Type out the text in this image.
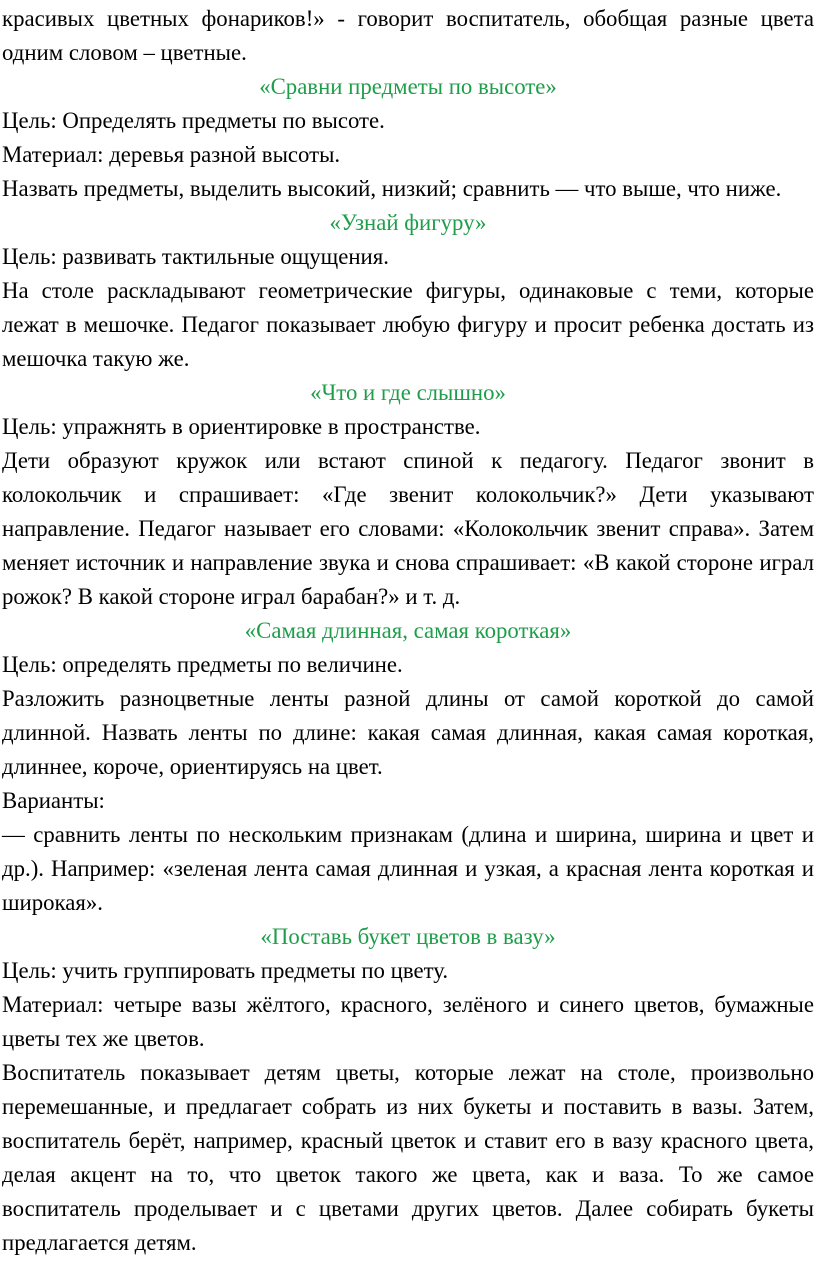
красивых цветных фонариков!» - говорит воспитатель, обобщая разные цвета одним словом – цветные.

«Сравни предметы по высоте»

Цель: Определять предметы по высоте.

Материал: деревья разной высоты.

Назвать предметы, выделить высокий, низкий; сравнить — что выше, что ниже.

«Узнай фигуру»

Цель: развивать тактильные ощущения.

На столе раскладывают геометрические фигуры, одинаковые с теми, которые лежат в мешочке. Педагог показывает любую фигуру и просит ребенка достать из мешочка такую же.

«Что и где слышно»

Цель: упражнять в ориентировке в пространстве.

Дети образуют кружок или встают спиной к педагогу. Педагог звонит в колокольчик и спрашивает: «Где звенит колокольчик?» Дети указывают направление. Педагог называет его словами: «Колокольчик звенит справа». Затем меняет источник и направление звука и снова спрашивает: «В какой стороне играл рожок? В какой стороне играл барабан?» и т. д.

«Самая длинная, самая короткая»

Цель: определять предметы по величине.

Разложить разноцветные ленты разной длины от самой короткой до самой длинной. Назвать ленты по длине: какая самая длинная, какая самая короткая, длиннее, короче, ориентируясь на цвет.

Варианты:

— сравнить ленты по нескольким признакам (длина и ширина, ширина и цвет и др.). Например: «зеленая лента самая длинная и узкая, а красная лента короткая и широкая».

«Поставь букет цветов в вазу»

Цель: учить группировать предметы по цвету.

Материал: четыре вазы жёлтого, красного, зелёного и синего цветов, бумажные цветы тех же цветов.

Воспитатель показывает детям цветы, которые лежат на столе, произвольно перемешанные, и предлагает собрать из них букеты и поставить в вазы. Затем, воспитатель берёт, например, красный цветок и ставит его в вазу красного цвета, делая акцент на то, что цветок такого же цвета, как и ваза. То же самое воспитатель проделывает и с цветами других цветов. Далее собирать букеты предлагается детям.
